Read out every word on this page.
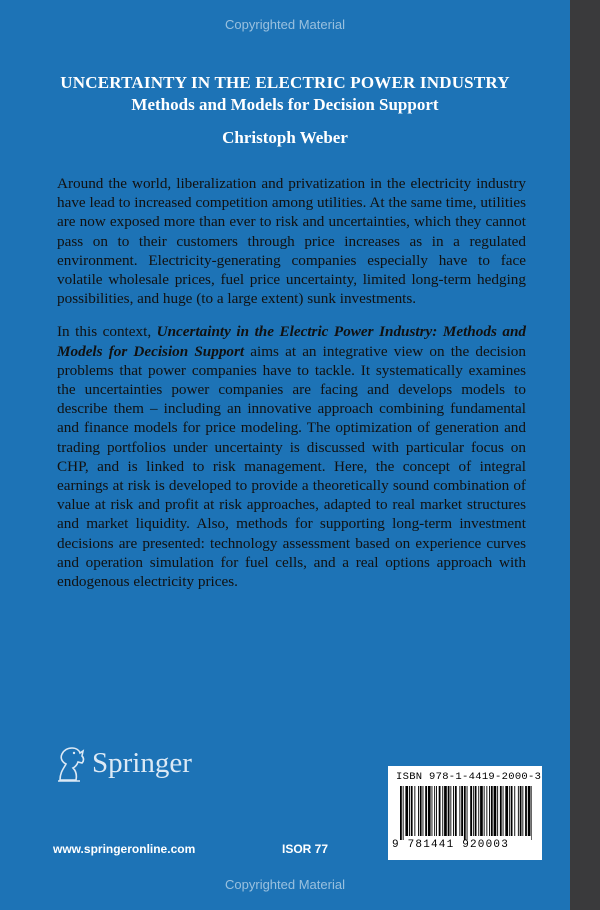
Copyrighted Material
UNCERTAINTY IN THE ELECTRIC POWER INDUSTRY
Methods and Models for Decision Support
Christoph Weber

Around the world, liberalization and privatization in the electricity industry have lead to increased competition among utilities. At the same time, utilities are now exposed more than ever to risk and uncertainties, which they cannot pass on to their customers through price increases as in a regulated environment. Electricity-generating companies especially have to face volatile wholesale prices, fuel price uncertainty, limited long-term hedging possibilities, and huge (to a large extent) sunk investments.

In this context, Uncertainty in the Electric Power Industry: Methods and Models for Decision Support aims at an integrative view on the decision problems that power companies have to tackle. It systematically examines the uncertainties power companies are facing and develops models to describe them – including an innovative approach combining fundamental and finance models for price modeling. The optimization of generation and trading portfolios under uncertainty is discussed with particular focus on CHP, and is linked to risk management. Here, the concept of integral earnings at risk is developed to provide a theoretically sound combination of value at risk and profit at risk approaches, adapted to real market structures and market liquidity. Also, methods for supporting long-term investment decisions are presented: technology assessment based on experience curves and operation simulation for fuel cells, and a real options approach with endogenous electricity prices.

Springer
www.springeronline.com	ISOR 77
ISBN 978-1-4419-2000-3
9 781441 920003
Copyrighted Material
